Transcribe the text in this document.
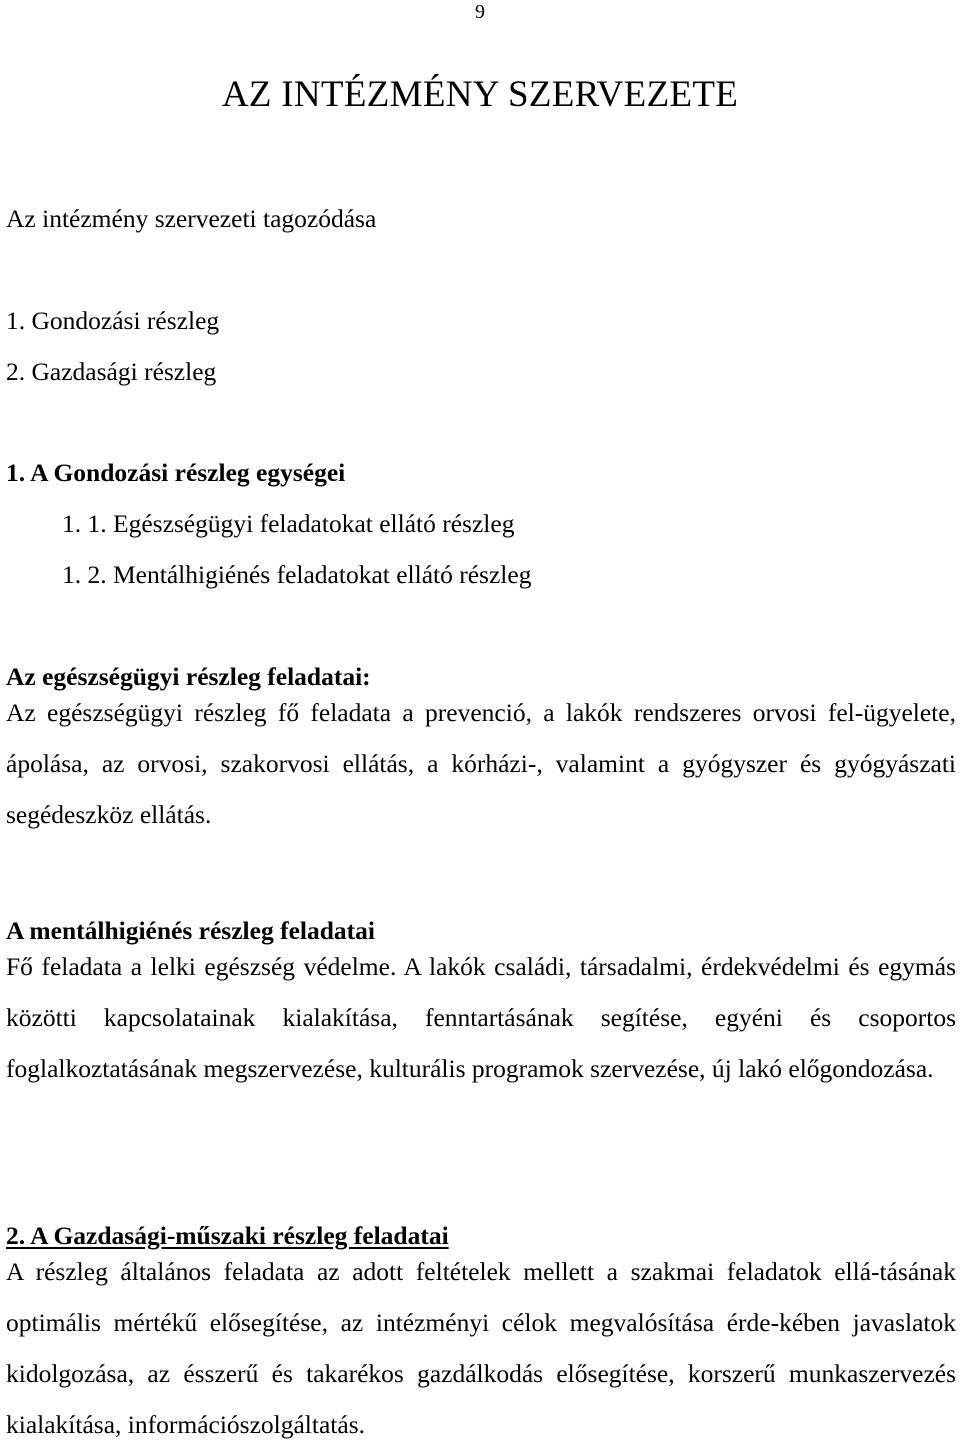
9
AZ INTÉZMÉNY SZERVEZETE
Az intézmény szervezeti tagozódása
1. Gondozási részleg
2. Gazdasági részleg
1. A Gondozási részleg egységei
1. 1. Egészségügyi feladatokat ellátó részleg
1. 2. Mentálhigiénés feladatokat ellátó részleg
Az egészségügyi részleg feladatai:

Az egészségügyi részleg fő feladata a prevenció, a lakók rendszeres orvosi fel-ügyelete, ápolása, az orvosi, szakorvosi ellátás, a kórházi-, valamint a gyógyszer és gyógyászati segédeszköz ellátás.

A mentálhigiénés részleg feladatai

Fő feladata a lelki egészség védelme. A lakók családi, társadalmi, érdekvédelmi és egymás közötti kapcsolatainak kialakítása, fenntartásának segítése, egyéni és csoportos foglalkoztatásának megszervezése, kulturális programok szervezése, új lakó előgondozása.

2. A Gazdasági-műszaki részleg feladatai

A részleg általános feladata az adott feltételek mellett a szakmai feladatok ellá-tásának optimális mértékű elősegítése, az intézményi célok megvalósítása érde-kében javaslatok kidolgozása, az ésszerű és takarékos gazdálkodás elősegítése, korszerű munkaszervezés kialakítása, információszolgáltatás.
